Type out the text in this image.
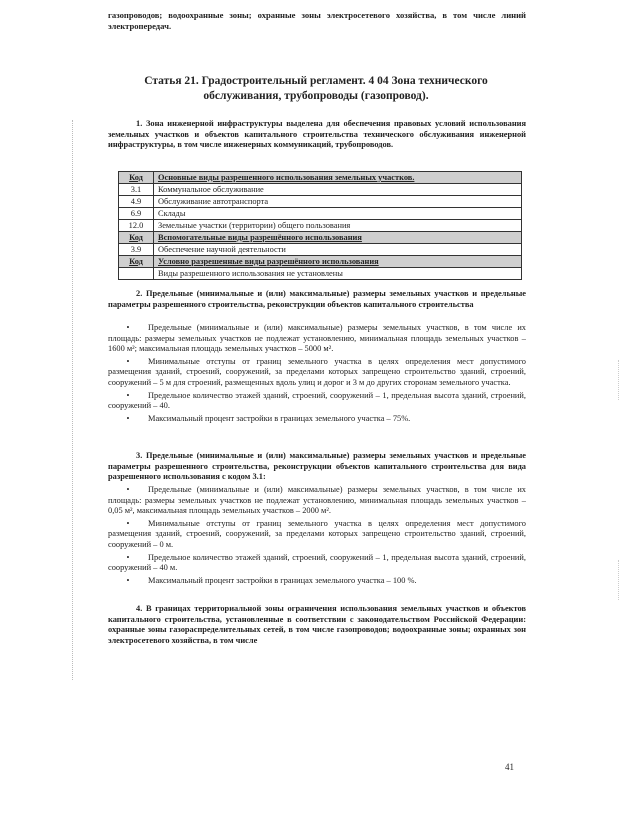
газопроводов; водоохранные зоны; охранные зоны электросетевого хозяйства, в том числе линий электропередач.
Статья 21. Градостроительный регламент. 4 04 Зона технического обслуживания, трубопроводы (газопровод).
1. Зона инженерной инфраструктуры выделена для обеспечения правовых условий использования земельных участков и объектов капитального строительства технического обслуживания инженерной инфраструктуры, в том числе инженерных коммуникаций, трубопроводов.
Код	Основные виды разрешенного использования земельных участков.
3.1	Коммунальное обслуживание
4.9	Обслуживание автотранспорта
6.9	Склады
12.0	Земельные участки (территории) общего пользования
Код	Вспомогательные виды разрешённого использования
3.9	Обеспечение научной деятельности
Код	Условно разрешенные виды разрешённого использования
	Виды разрешенного использования не установлены
2. Предельные (минимальные и (или) максимальные) размеры земельных участков и предельные параметры разрешенного строительства, реконструкции объектов капитального строительства
• Предельные (минимальные и (или) максимальные) размеры земельных участков, в том числе их площадь: размеры земельных участков не подлежат установлению, минимальная площадь земельных участков – 1600 м²; максимальная площадь земельных участков – 5000 м².
• Минимальные отступы от границ земельного участка в целях определения мест допустимого размещения зданий, строений, сооружений, за пределами которых запрещено строительство зданий, строений, сооружений – 5 м для строений, размещенных вдоль улиц и дорог и 3 м до других сторонам земельного участка.
• Предельное количество этажей зданий, строений, сооружений – 1, предельная высота зданий, строений, сооружений – 40.
• Максимальный процент застройки в границах земельного участка – 75%.
3. Предельные (минимальные и (или) максимальные) размеры земельных участков и предельные параметры разрешенного строительства, реконструкции объектов капитального строительства для вида разрешенного использования с кодом 3.1:
• Предельные (минимальные и (или) максимальные) размеры земельных участков, в том числе их площадь: размеры земельных участков не подлежат установлению, минимальная площадь земельных участков – 0,05 м², максимальная площадь земельных участков – 2000 м².
• Минимальные отступы от границ земельного участка в целях определения мест допустимого размещения зданий, строений, сооружений, за пределами которых запрещено строительство зданий, строений, сооружений – 0 м.
• Предельное количество этажей зданий, строений, сооружений – 1, предельная высота зданий, строений, сооружений – 40 м.
• Максимальный процент застройки в границах земельного участка – 100 %.
4. В границах территориальной зоны ограничения использования земельных участков и объектов капитального строительства, установленные в соответствии с законодательством Российской Федерации: охранные зоны газораспределительных сетей, в том числе газопроводов; водоохранные зоны; охранных зон электросетевого хозяйства, в том числе
41
